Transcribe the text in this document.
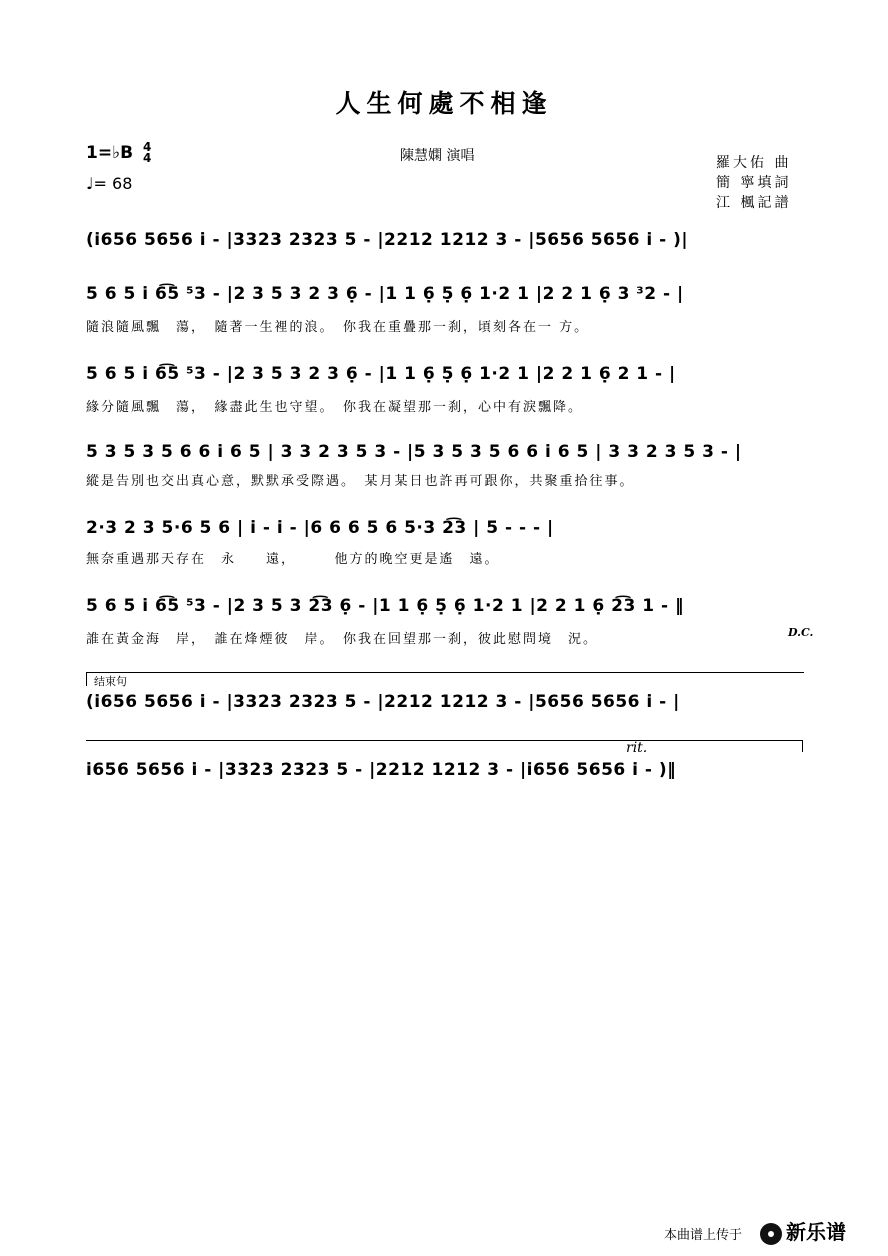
人生何處不相逢
1=♭B 4
4
♩= 68
陳慧嫻 演唱	羅大佑 曲
簡 寧填詞
江 楓記譜
(i̇656 5656 i̇ - |3323 2323 5 - |2212 1212 3 - |5656 5656 i̇ - )|
5 6 5 i̇ 6͡5 ⁵3 - |2 3 5 3 2 3 6̣ - |1 1 6̣ 5̣ 6̣ 1·2 1 |2 2 1 6̣ 3 ³2 - |
隨浪隨風飄　蕩，　隨著一生裡的浪。　你我在重疊那一刹，頃刻各在一 方。
5 6 5 i̇ 6͡5 ⁵3 - |2 3 5 3 2 3 6̣ - |1 1 6̣ 5̣ 6̣ 1·2 1 |2 2 1 6̣ 2 1 - |
緣分隨風飄　蕩，　緣盡此生也守望。　你我在凝望那一刹，心中有淚飄降。
5 3 5 3 5 6 6 i̇ 6 5 | 3 3 2 3 5 3 - |5 3 5 3 5 6 6 i̇ 6 5 | 3 3 2 3 5 3 - |
縱是告別也交出真心意，默默承受際遇。　某月某日也許再可跟你，共聚重拾往事。
2·3 2 3 5·6 5 6 | i̇ - i̇ - |6 6 6 5 6 5·3 2͡3 | 5 - - - |
無奈重遇那天存在　永　　遠，　　　他方的晚空更是遙　遠。
5 6 5 i̇ 6͡5 ⁵3 - |2 3 5 3 2͡3 6̣ - |1 1 6̣ 5̣ 6̣ 1·2 1 |2 2 1 6̣ 2͡3 1 - ‖
誰在黃金海　岸，　誰在烽煙彼　岸。　你我在回望那一刹，彼此慰問境　況。	D.C.
结束句
(i̇656 5656 i̇ - |3323 2323 5 - |2212 1212 3 - |5656 5656 i̇ - |
rit.
i̇656 5656 i̇ - |3323 2323 5 - |2212 1212 3 - |i̇656 5656 i̇ - )‖
本曲谱上传于	新乐谱
